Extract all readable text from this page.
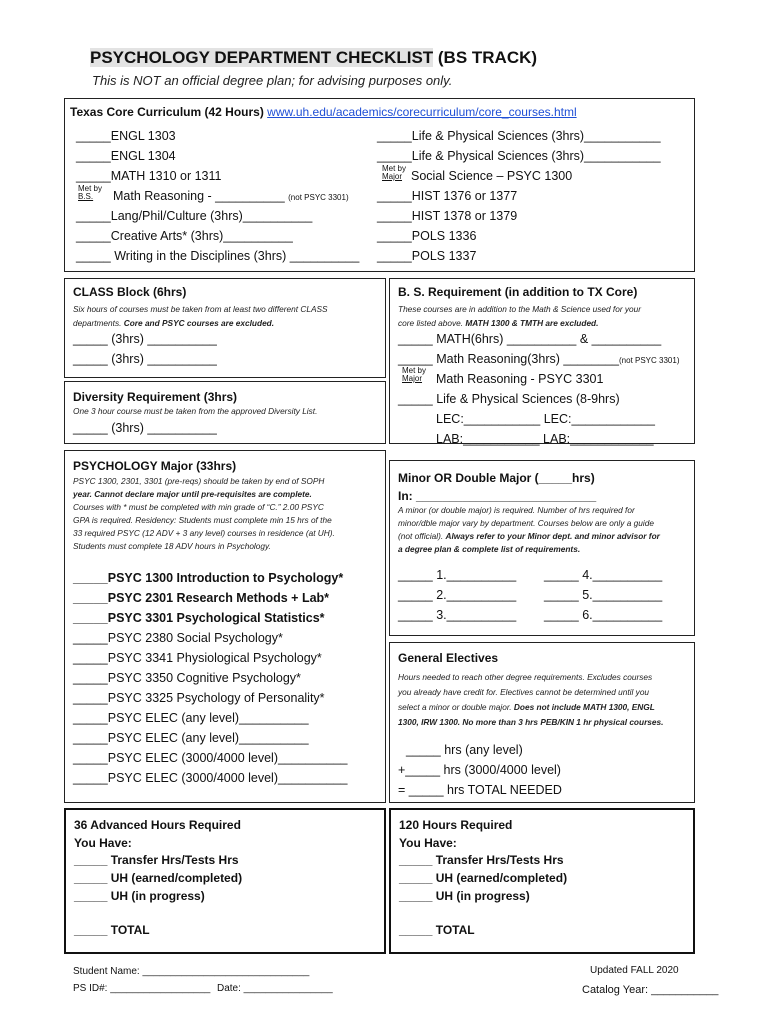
PSYCHOLOGY DEPARTMENT CHECKLIST (BS TRACK)
This is NOT an official degree plan; for advising purposes only.
Texas Core Curriculum (42 Hours) www.uh.edu/academics/corecurriculum/core_courses.html
_____ENGL 1303
_____ENGL 1304
_____MATH 1310 or 1311
Met by
B.S.	Math Reasoning - __________ (not PSYC 3301)
_____Lang/Phil/Culture (3hrs)__________
_____Creative Arts* (3hrs)__________
_____ Writing in the Disciplines (3hrs) __________
_____Life & Physical Sciences (3hrs)___________
_____Life & Physical Sciences (3hrs)___________
Met by
Major Social Science – PSYC 1300
_____HIST 1376 or 1377
_____HIST 1378 or 1379
_____POLS 1336
_____POLS 1337
CLASS Block (6hrs)
Six hours of courses must be taken from at least two different CLASS
departments. Core and PSYC courses are excluded.
_____ (3hrs) __________
_____ (3hrs) __________
Diversity Requirement (3hrs)
One 3 hour course must be taken from the approved Diversity List.
_____ (3hrs) __________
B. S. Requirement (in addition to TX Core)
These courses are in addition to the Math & Science used for your
core listed above. MATH 1300 & TMTH are excluded.
_____ MATH(6hrs) __________ & __________
_____ Math Reasoning(3hrs) ________(not PSYC 3301)
Met by
Major	Math Reasoning - PSYC 3301
_____ Life & Physical Sciences (8-9hrs)
LEC:___________ LEC:____________
LAB:___________ LAB:____________
PSYCHOLOGY Major (33hrs)
PSYC 1300, 2301, 3301 (pre-reqs) should be taken by end of SOPH
year. Cannot declare major until pre-requisites are complete.
Courses with * must be completed with min grade of “C.” 2.00 PSYC
GPA is required. Residency: Students must complete min 15 hrs of the
33 required PSYC (12 ADV + 3 any level) courses in residence (at UH).
Students must complete 18 ADV hours in Psychology.
_____PSYC 1300 Introduction to Psychology*
_____PSYC 2301 Research Methods + Lab*
_____PSYC 3301 Psychological Statistics*
_____PSYC 2380 Social Psychology*
_____PSYC 3341 Physiological Psychology*
_____PSYC 3350 Cognitive Psychology*
_____PSYC 3325 Psychology of Personality*
_____PSYC ELEC (any level)__________
_____PSYC ELEC (any level)__________
_____PSYC ELEC (3000/4000 level)__________
_____PSYC ELEC (3000/4000 level)__________
Minor OR Double Major (_____hrs)
In: ___________________________
A minor (or double major) is required. Number of hrs required for
minor/dble major vary by department. Courses below are only a guide
(not official). Always refer to your Minor dept. and minor advisor for
a degree plan & complete list of requirements.
_____ 1.__________
_____ 2.__________
_____ 3.__________
_____ 4.__________
_____ 5.__________
_____ 6.__________
General Electives
Hours needed to reach other degree requirements. Excludes courses
you already have credit for. Electives cannot be determined until you
select a minor or double major. Does not include MATH 1300, ENGL
1300, IRW 1300. No more than 3 hrs PEB/KIN 1 hr physical courses.
_____ hrs (any level)
+_____ hrs (3000/4000 level)
= _____ hrs TOTAL NEEDED
36 Advanced Hours Required
You Have:
_____ Transfer Hrs/Tests Hrs
_____ UH (earned/completed)
_____ UH (in progress)
_____ TOTAL
120 Hours Required
You Have:
_____ Transfer Hrs/Tests Hrs
_____ UH (earned/completed)
_____ UH (in progress)
_____ TOTAL
Student Name: ______________________________
PS ID#: __________________ Date: ________________
Updated FALL 2020
Catalog Year: ___________
